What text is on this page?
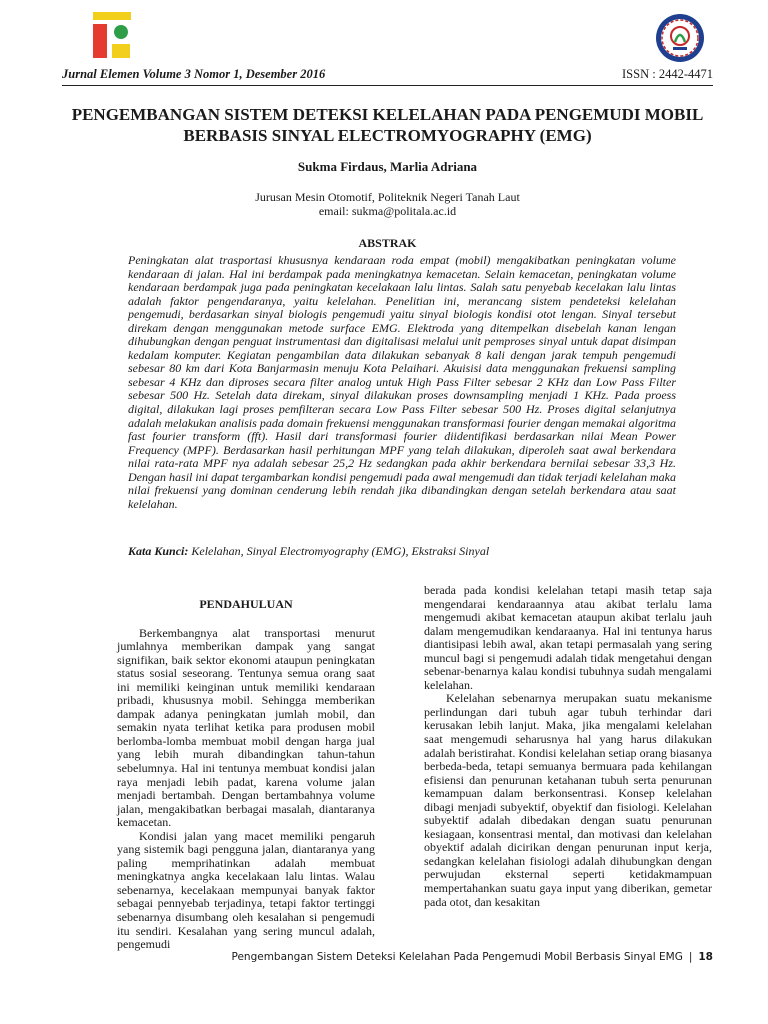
Jurnal Elemen Volume 3 Nomor 1, Desember 2016	ISSN : 2442-4471
PENGEMBANGAN SISTEM DETEKSI KELELAHAN PADA PENGEMUDI MOBIL BERBASIS SINYAL ELECTROMYOGRAPHY (EMG)
Sukma Firdaus, Marlia Adriana
Jurusan Mesin Otomotif, Politeknik Negeri Tanah Laut
email: sukma@politala.ac.id
ABSTRAK

Peningkatan alat trasportasi khususnya kendaraan roda empat (mobil) mengakibatkan peningkatan volume kendaraan di jalan. Hal ini berdampak pada meningkatnya kemacetan. Selain kemacetan, peningkatan volume kendaraan berdampak juga pada peningkatan kecelakaan lalu lintas. Salah satu penyebab kecelakan lalu lintas adalah faktor pengendaranya, yaitu kelelahan. Penelitian ini, merancang sistem pendeteksi kelelahan pengemudi, berdasarkan sinyal biologis pengemudi yaitu sinyal biologis kondisi otot lengan. Sinyal tersebut direkam dengan menggunakan metode surface EMG. Elektroda yang ditempelkan disebelah kanan lengan dihubungkan dengan penguat instrumentasi dan digitalisasi melalui unit pemproses sinyal untuk dapat disimpan kedalam komputer. Kegiatan pengambilan data dilakukan sebanyak 8 kali dengan jarak tempuh pengemudi sebesar 80 km dari Kota Banjarmasin menuju Kota Pelaihari. Akuisisi data menggunakan frekuensi sampling sebesar 4 KHz dan diproses secara filter analog untuk High Pass Filter sebesar 2 KHz dan Low Pass Filter sebesar 500 Hz. Setelah data direkam, sinyal dilakukan proses downsampling menjadi 1 KHz. Pada proess digital, dilakukan lagi proses pemfilteran secara Low Pass Filter sebesar 500 Hz. Proses digital selanjutnya adalah melakukan analisis pada domain frekuensi menggunakan transformasi fourier dengan memakai algoritma fast fourier transform (fft). Hasil dari transformasi fourier diidentifikasi berdasarkan nilai Mean Power Frequency (MPF). Berdasarkan hasil perhitungan MPF yang telah dilakukan, diperoleh saat awal berkendara nilai rata-rata MPF nya adalah sebesar 25,2 Hz sedangkan pada akhir berkendara bernilai sebesar 33,3 Hz. Dengan hasil ini dapat tergambarkan kondisi pengemudi pada awal mengemudi dan tidak terjadi kelelahan maka nilai frekuensi yang dominan cenderung lebih rendah jika dibandingkan dengan setelah berkendara atau saat kelelahan.

Kata Kunci: Kelelahan, Sinyal Electromyography (EMG), Ekstraksi Sinyal
PENDAHULUAN

Berkembangnya alat transportasi menurut jumlahnya memberikan dampak yang sangat signifikan, baik sektor ekonomi ataupun peningkatan status sosial seseorang. Tentunya semua orang saat ini memiliki keinginan untuk memiliki kendaraan pribadi, khususnya mobil. Sehingga memberikan dampak adanya peningkatan jumlah mobil, dan semakin nyata terlihat ketika para produsen mobil berlomba-lomba membuat mobil dengan harga jual yang lebih murah dibandingkan tahun-tahun sebelumnya. Hal ini tentunya membuat kondisi jalan raya menjadi lebih padat, karena volume jalan menjadi bertambah. Dengan bertambahnya volume jalan, mengakibatkan berbagai masalah, diantaranya kemacetan.

Kondisi jalan yang macet memiliki pengaruh yang sistemik bagi pengguna jalan, diantaranya yang paling memprihatinkan adalah membuat meningkatnya angka kecelakaan lalu lintas. Walau sebenarnya, kecelakaan mempunyai banyak faktor sebagai pennyebab terjadinya, tetapi faktor tertinggi sebenarnya disumbang oleh kesalahan si pengemudi itu sendiri. Kesalahan yang sering muncul adalah, pengemudi

berada pada kondisi kelelahan tetapi masih tetap saja mengendarai kendaraannya atau akibat terlalu lama mengemudi akibat kemacetan ataupun akibat terlalu jauh dalam mengemudikan kendaraanya. Hal ini tentunya harus diantisipasi lebih awal, akan tetapi permasalah yang sering muncul bagi si pengemudi adalah tidak mengetahui dengan sebenar-benarnya kalau kondisi tubuhnya sudah mengalami kelelahan.

Kelelahan sebenarnya merupakan suatu mekanisme perlindungan dari tubuh agar tubuh terhindar dari kerusakan lebih lanjut. Maka, jika mengalami kelelahan saat mengemudi seharusnya hal yang harus dilakukan adalah beristirahat. Kondisi kelelahan setiap orang biasanya berbeda-beda, tetapi semuanya bermuara pada kehilangan efisiensi dan penurunan ketahanan tubuh serta penurunan kemampuan dalam berkonsentrasi. Konsep kelelahan dibagi menjadi subyektif, obyektif dan fisiologi. Kelelahan subyektif adalah dibedakan dengan suatu penurunan kesiagaan, konsentrasi mental, dan motivasi dan kelelahan obyektif adalah dicirikan dengan penurunan input kerja, sedangkan kelelahan fisiologi adalah dihubungkan dengan perwujudan eksternal seperti ketidakmampuan mempertahankan suatu gaya input yang diberikan, gemetar pada otot, dan kesakitan

Pengembangan Sistem Deteksi Kelelahan Pada Pengemudi Mobil Berbasis Sinyal EMG | 18
